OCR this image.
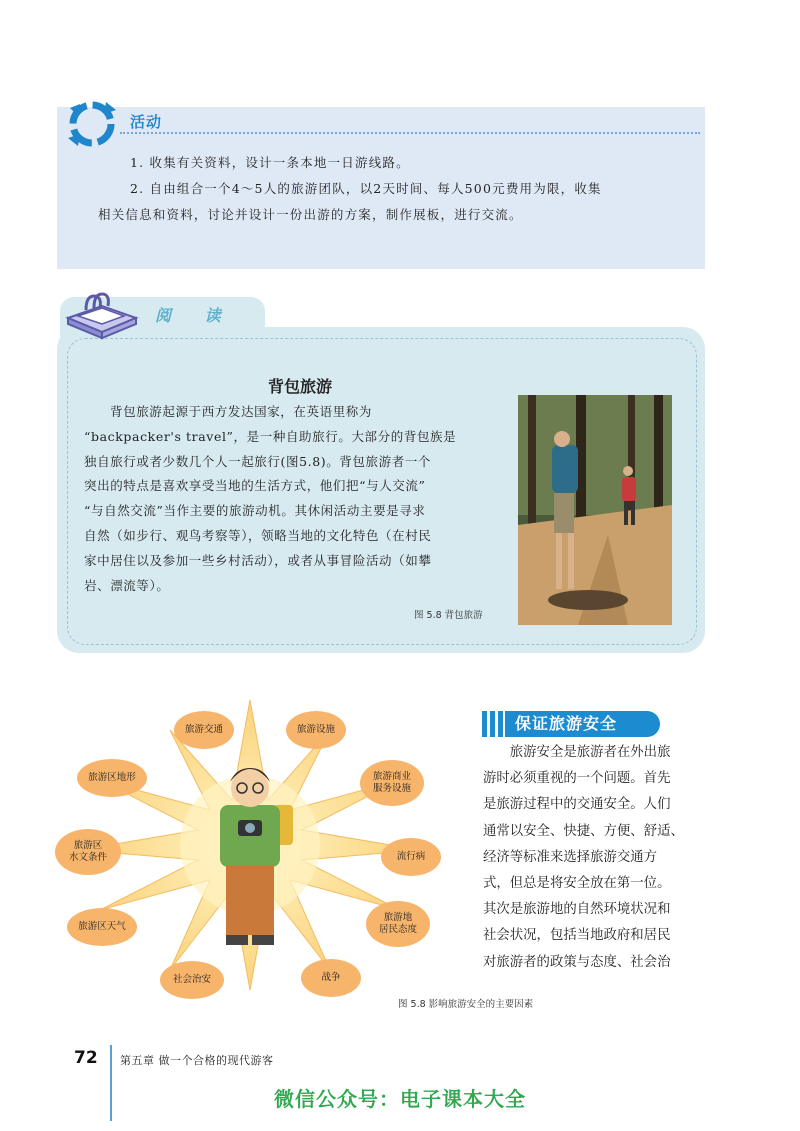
活动
1. 收集有关资料，设计一条本地一日游线路。
2. 自由组合一个4～5人的旅游团队，以2天时间、每人500元费用为限，收集
相关信息和资料，讨论并设计一份出游的方案，制作展板，进行交流。
阅 读
背包旅游
背包旅游起源于西方发达国家，在英语里称为
“backpacker's travel”，是一种自助旅行。大部分的背包族是
独自旅行或者少数几个人一起旅行(图5.8)。背包旅游者一个
突出的特点是喜欢享受当地的生活方式，他们把“与人交流”
“与自然交流”当作主要的旅游动机。其休闲活动主要是寻求
自然（如步行、观鸟考察等），领略当地的文化特色（在村民
家中居住以及参加一些乡村活动），或者从事冒险活动（如攀
岩、漂流等）。
图 5.8 背包旅游
旅游交通	旅游设施
旅游区地形	旅游商业
服务设施
旅游区
水文条件	流行病
旅游区天气
旅游地
居民态度
社会治安	战争
图 5.8 影响旅游安全的主要因素
保证旅游安全
　　旅游安全是旅游者在外出旅
游时必须重视的一个问题。首先
是旅游过程中的交通安全。人们
通常以安全、快捷、方便、舒适、
经济等标准来选择旅游交通方
式，但总是将安全放在第一位。
其次是旅游地的自然环境状况和
社会状况，包括当地政府和居民
对旅游者的政策与态度、社会治
72 第五章 做一个合格的现代游客
微信公众号：电子课本大全
